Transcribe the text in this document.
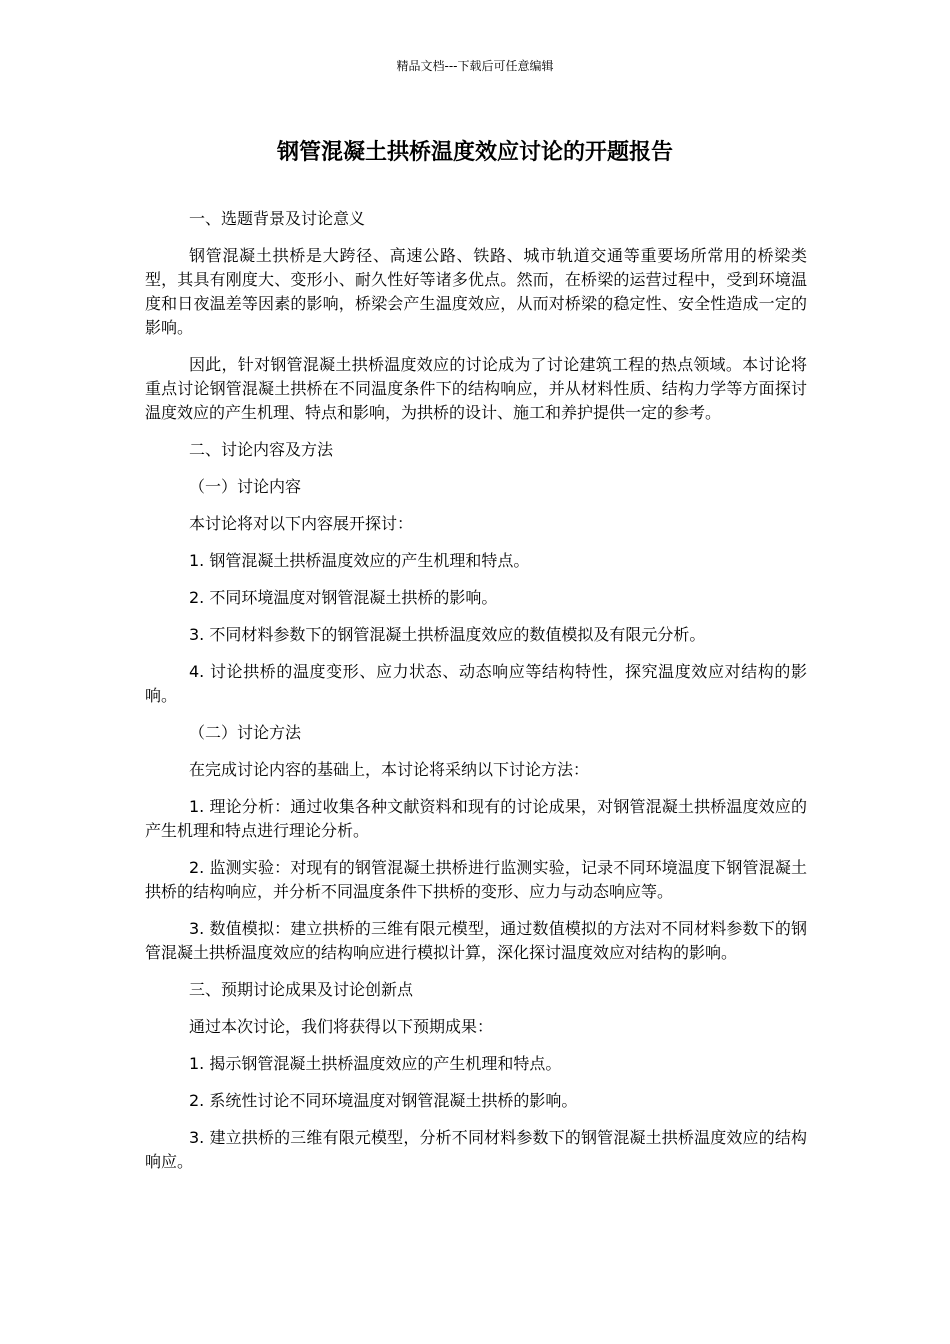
精品文档---下载后可任意编辑
钢管混凝土拱桥温度效应讨论的开题报告

一、选题背景及讨论意义

钢管混凝土拱桥是大跨径、高速公路、铁路、城市轨道交通等重要场所常用的桥梁类型，其具有刚度大、变形小、耐久性好等诸多优点。然而，在桥梁的运营过程中，受到环境温度和日夜温差等因素的影响，桥梁会产生温度效应，从而对桥梁的稳定性、安全性造成一定的影响。

因此，针对钢管混凝土拱桥温度效应的讨论成为了讨论建筑工程的热点领域。本讨论将重点讨论钢管混凝土拱桥在不同温度条件下的结构响应，并从材料性质、结构力学等方面探讨温度效应的产生机理、特点和影响，为拱桥的设计、施工和养护提供一定的参考。

二、讨论内容及方法

（一）讨论内容

本讨论将对以下内容展开探讨：

1. 钢管混凝土拱桥温度效应的产生机理和特点。

2. 不同环境温度对钢管混凝土拱桥的影响。

3. 不同材料参数下的钢管混凝土拱桥温度效应的数值模拟及有限元分析。

4. 讨论拱桥的温度变形、应力状态、动态响应等结构特性，探究温度效应对结构的影响。

（二）讨论方法

在完成讨论内容的基础上，本讨论将采纳以下讨论方法：

1. 理论分析：通过收集各种文献资料和现有的讨论成果，对钢管混凝土拱桥温度效应的产生机理和特点进行理论分析。

2. 监测实验：对现有的钢管混凝土拱桥进行监测实验，记录不同环境温度下钢管混凝土拱桥的结构响应，并分析不同温度条件下拱桥的变形、应力与动态响应等。

3. 数值模拟：建立拱桥的三维有限元模型，通过数值模拟的方法对不同材料参数下的钢管混凝土拱桥温度效应的结构响应进行模拟计算，深化探讨温度效应对结构的影响。

三、预期讨论成果及讨论创新点

通过本次讨论，我们将获得以下预期成果：

1. 揭示钢管混凝土拱桥温度效应的产生机理和特点。

2. 系统性讨论不同环境温度对钢管混凝土拱桥的影响。

3. 建立拱桥的三维有限元模型，分析不同材料参数下的钢管混凝土拱桥温度效应的结构响应。
